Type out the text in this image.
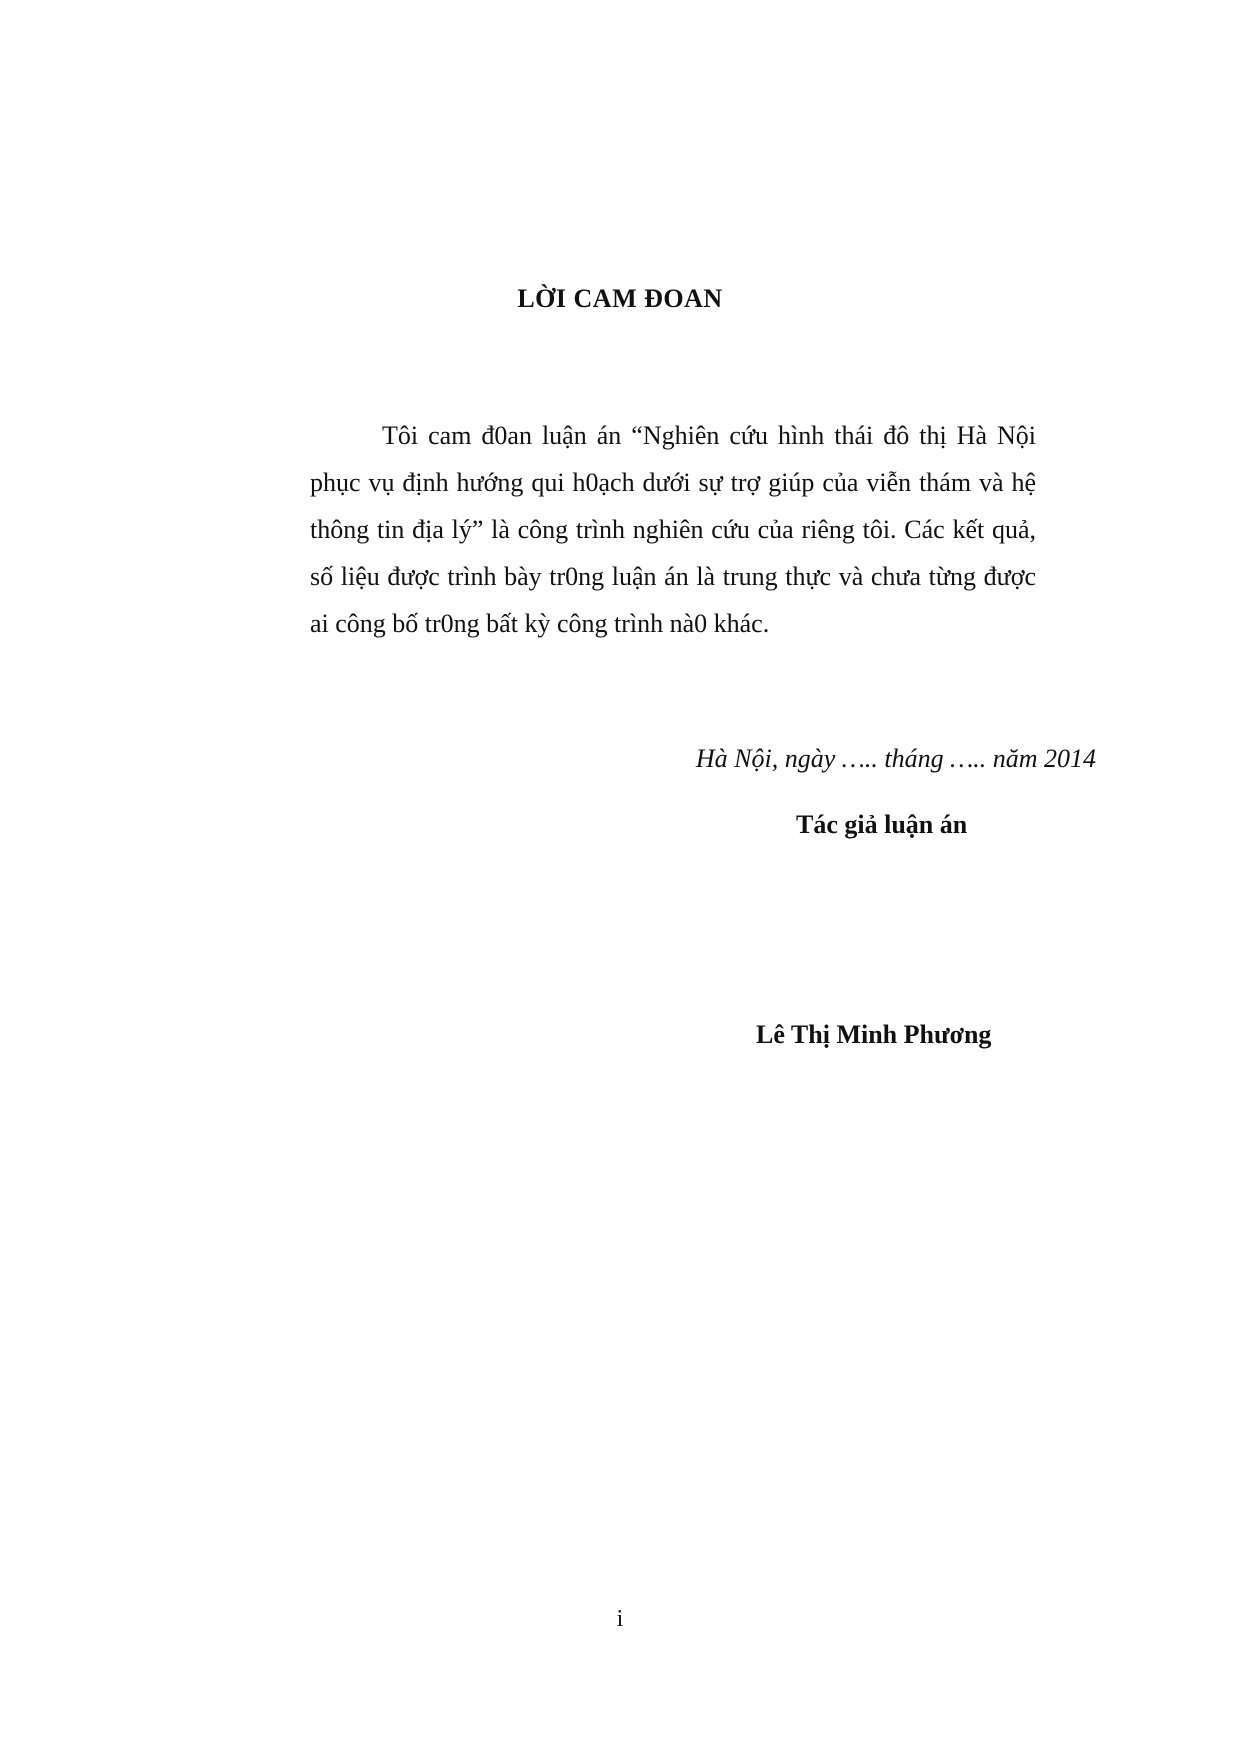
LỜI CAM ĐOAN

Tôi cam đ0an luận án “Nghiên cứu hình thái đô thị Hà Nội phục vụ định hướng qui h0ạch dưới sự trợ giúp của viễn thám và hệ thông tin địa lý” là công trình nghiên cứu của riêng tôi. Các kết quả, số liệu được trình bày tr0ng luận án là trung thực và chưa từng được ai công bố tr0ng bất kỳ công trình nà0 khác.

Hà Nội, ngày ….. tháng ….. năm 2014

Tác giả luận án

Lê Thị Minh Phương

i
